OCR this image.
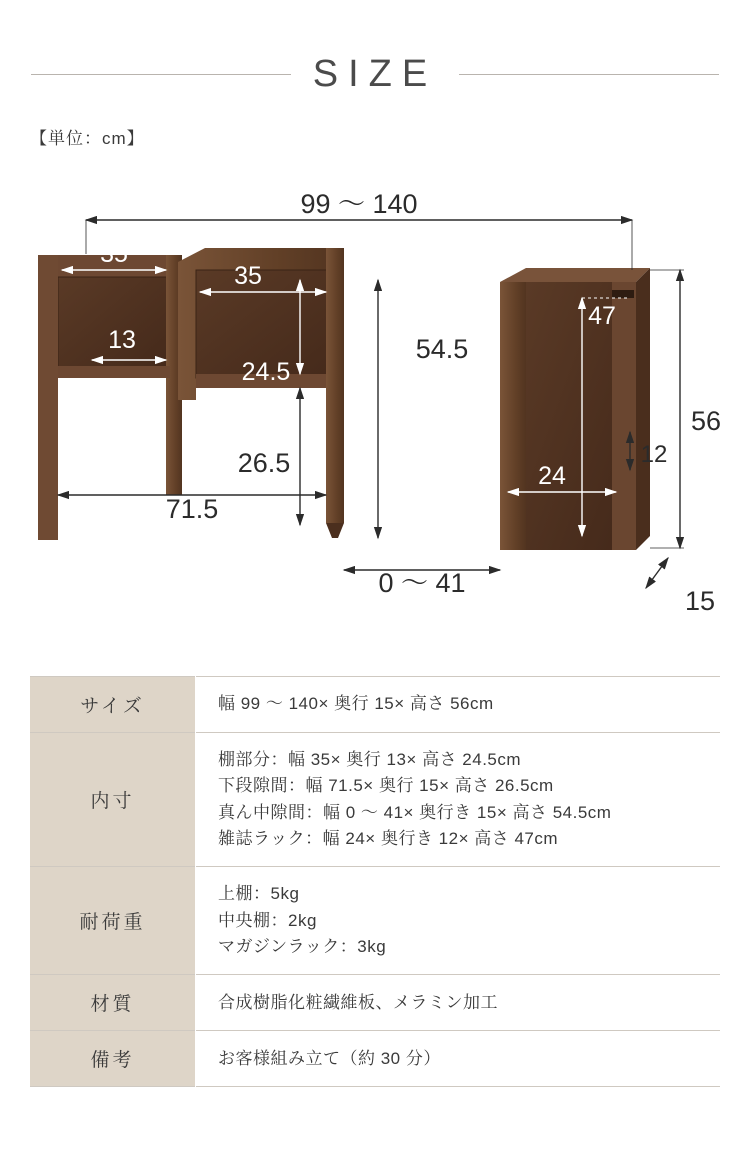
SIZE
【単位：cm】
99 〜 140
71.5
0 〜 41
54.5
26.5
56
15
12
35
35
13
24.5
47
24
サイズ	幅 99 〜 140× 奥行 15× 高さ 56cm

内寸	棚部分：幅 35× 奥行 13× 高さ 24.5cm
下段隙間：幅 71.5× 奥行 15× 高さ 26.5cm
真ん中隙間：幅 0 〜 41× 奥行き 15× 高さ 54.5cm
雑誌ラック：幅 24× 奥行き 12× 高さ 47cm

耐荷重	上棚：5kg
中央棚：2kg
マガジンラック：3kg

材質	合成樹脂化粧繊維板、メラミン加工

備考	お客様組み立て（約 30 分）
